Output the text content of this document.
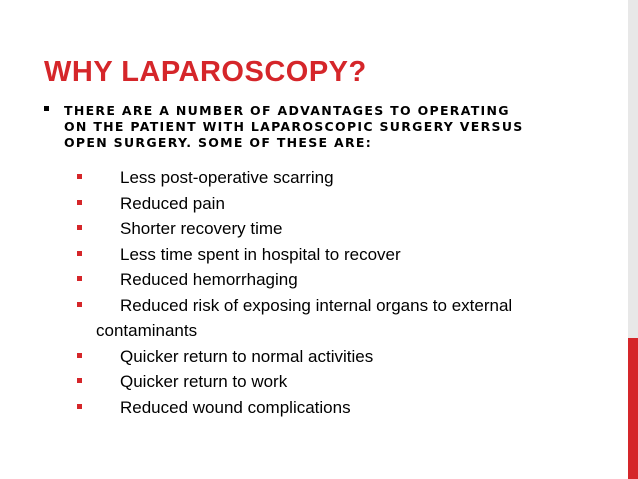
WHY LAPAROSCOPY?
THERE ARE A NUMBER OF ADVANTAGES TO OPERATING
ON THE PATIENT WITH LAPAROSCOPIC SURGERY VERSUS
OPEN SURGERY. SOME OF THESE ARE:
Less post-operative scarring
Reduced pain
Shorter recovery time
Less time spent in hospital to recover
Reduced hemorrhaging
Reduced risk of exposing internal organs to external
contaminants
Quicker return to normal activities
Quicker return to work
Reduced wound complications
